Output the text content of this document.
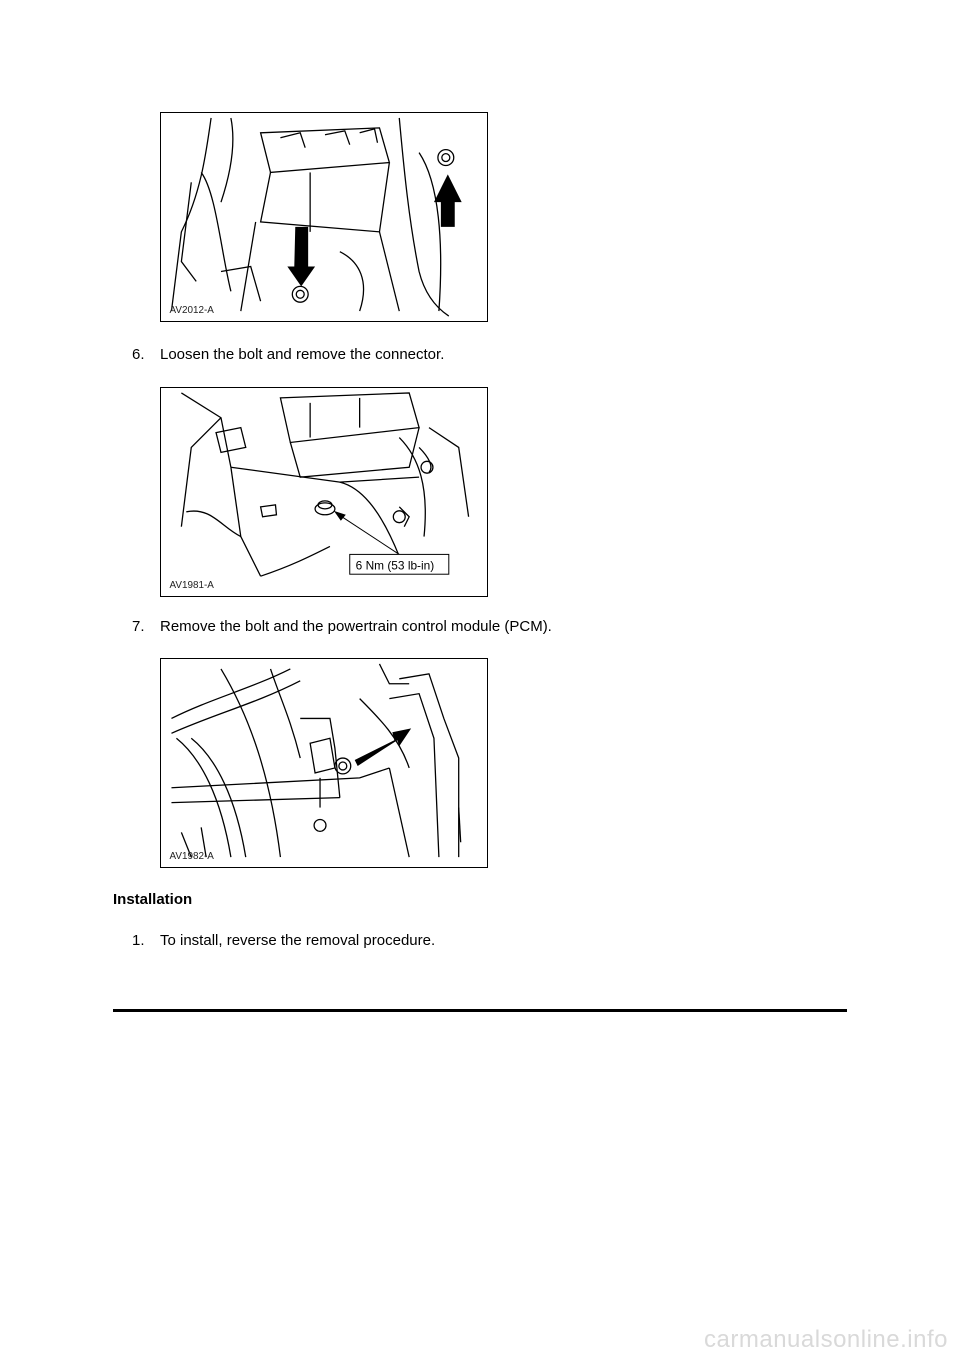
AV2012-A
6. Loosen the bolt and remove the connector.
6 Nm (53 lb-in)
AV1981-A
7. Remove the bolt and the powertrain control module (PCM).
AV1982-A
Installation
1. To install, reverse the removal procedure.
carmanualsonline.info
